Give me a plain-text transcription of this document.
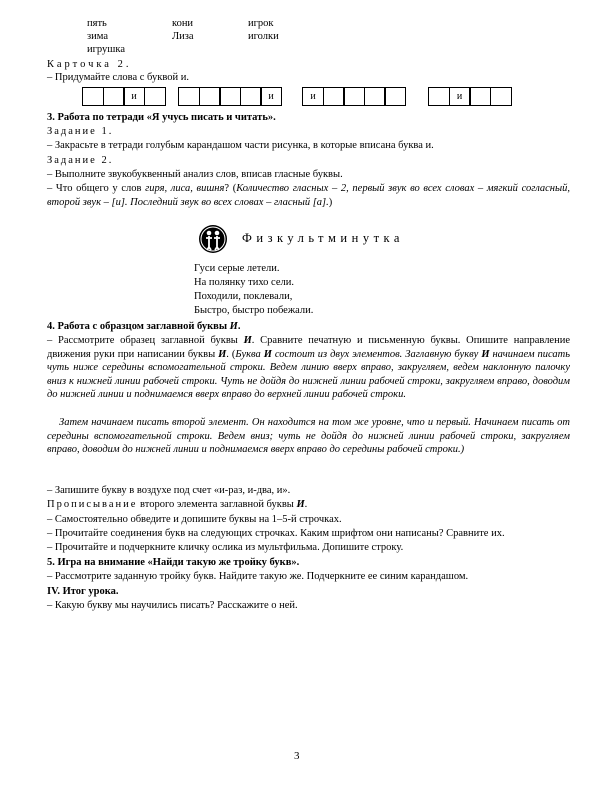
пять	кони	игрок
зима	Лиза	иголки
игрушка
Карточка 2.
– Придумайте слова с буквой и.
и	и	и	и
3. Работа по тетради «Я учусь писать и читать».
Задание 1.
– Закрасьте в тетради голубым карандашом части рисунка, в которые вписана буква и.
Задание 2.
– Выполните звукобуквенный анализ слов, вписав гласные буквы.
– Что общего у слов гиря, лиса, вишня? (Количество гласных – 2, первый звук во всех словах – мягкий согласный, второй звук – [и]. Последний звук во всех словах – гласный [а].)
Физкультминутка
Гуси серые летели.
На полянку тихо сели.
Походили, поклевали,
Быстро, быстро побежали.
4. Работа с образцом заглавной буквы И.
– Рассмотрите образец заглавной буквы И. Сравните печатную и письменную буквы. Опишите направление движения руки при написании буквы И. (Буква И состоит из двух элементов. Заглавную букву И начинаем писать чуть ниже середины вспомогательной строки. Ведем линию вверх вправо, закругляем, ведем наклонную палочку вниз к нижней линии рабочей строки. Чуть не дойдя до нижней линии рабочей строки, закругляем вправо, доводим до нижней линии и поднимаемся вверх вправо до верхней линии рабочей строки.
Затем начинаем писать второй элемент. Он находится на том же уровне, что и первый. Начинаем писать от середины вспомогательной строки. Ведем вниз; чуть не дойдя до нижней линии рабочей строки, закругляем вправо, доводим до нижней линии и поднимаемся вверх вправо до середины рабочей строки.)
– Запишите букву в воздухе под счет «и-раз, и-два, и».
Прописывание второго элемента заглавной буквы И.
– Самостоятельно обведите и допишите буквы на 1–5-й строчках.
– Прочитайте соединения букв на следующих строчках. Каким шрифтом они написаны? Сравните их.
– Прочитайте и подчеркните кличку ослика из мультфильма. Допишите строку.
5. Игра на внимание «Найди такую же тройку букв».
– Рассмотрите заданную тройку букв. Найдите такую же. Подчеркните ее синим карандашом.
IV. Итог урока.
– Какую букву мы научились писать? Расскажите о ней.
3
